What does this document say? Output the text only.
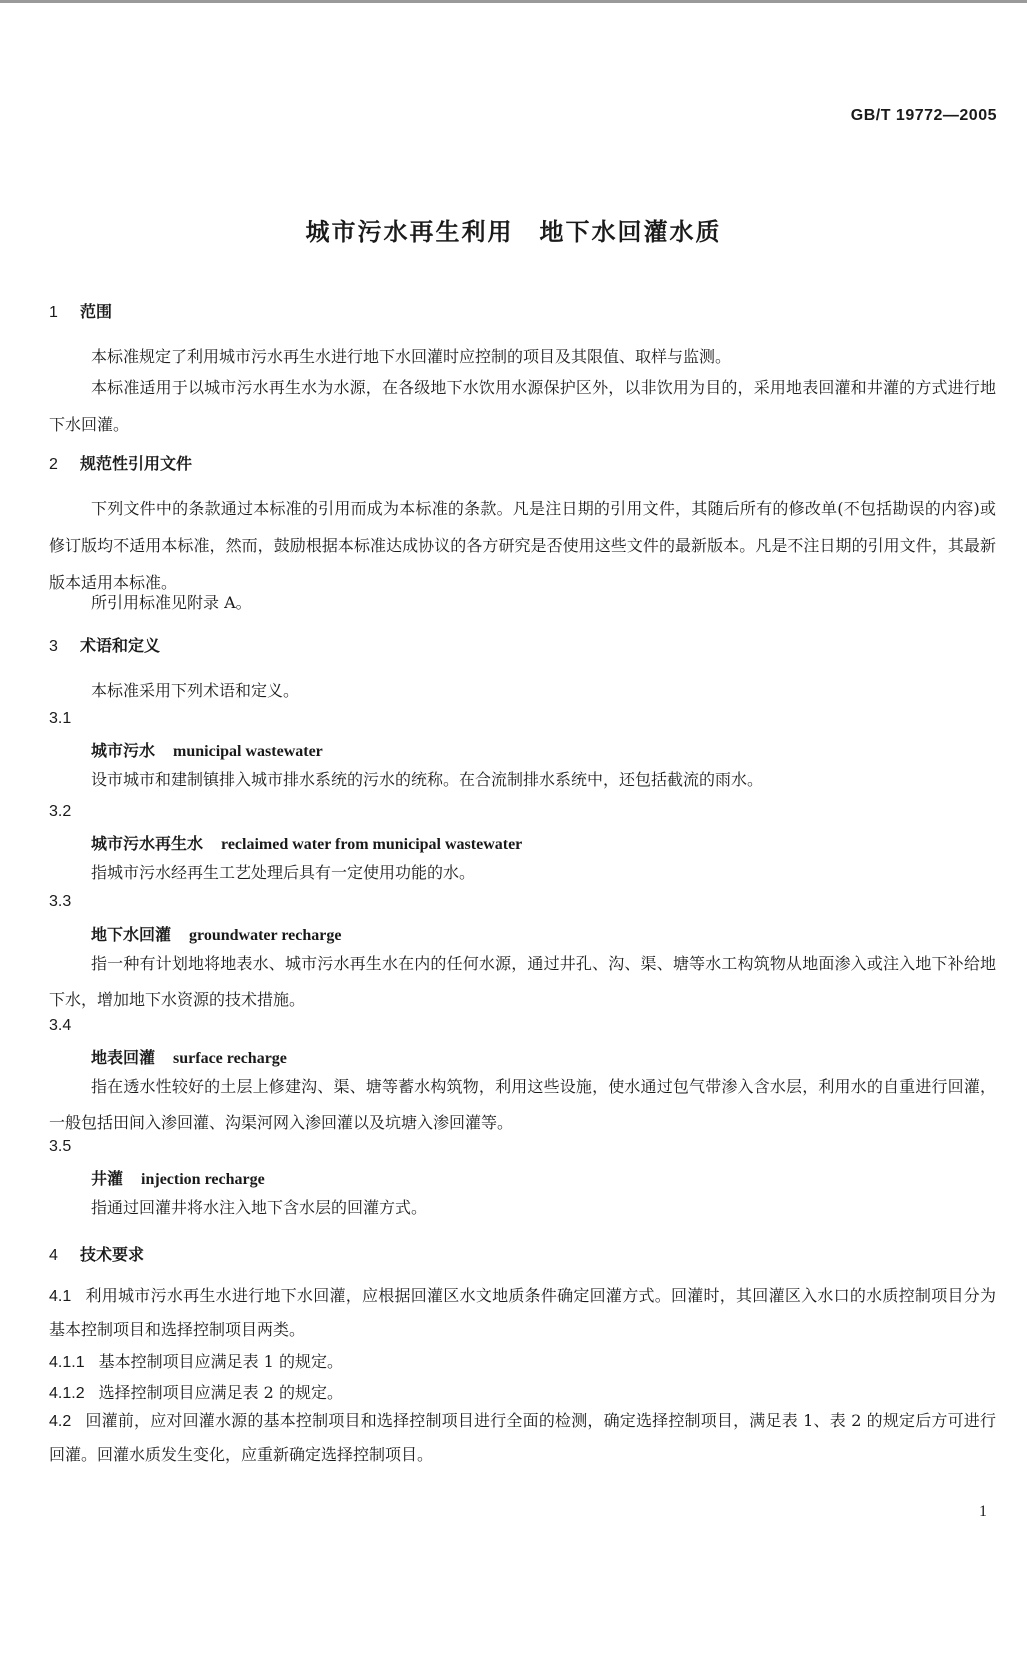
GB/T 19772—2005
城市污水再生利用　地下水回灌水质
1 范围
本标准规定了利用城市污水再生水进行地下水回灌时应控制的项目及其限值、取样与监测。
本标准适用于以城市污水再生水为水源，在各级地下水饮用水源保护区外，以非饮用为目的，采用地表回灌和井灌的方式进行地下水回灌。
2 规范性引用文件
下列文件中的条款通过本标准的引用而成为本标准的条款。凡是注日期的引用文件，其随后所有的修改单(不包括勘误的内容)或修订版均不适用本标准，然而，鼓励根据本标准达成协议的各方研究是否使用这些文件的最新版本。凡是不注日期的引用文件，其最新版本适用本标准。
所引用标准见附录 A。
3 术语和定义
本标准采用下列术语和定义。
3.1
城市污水 municipal wastewater
设市城市和建制镇排入城市排水系统的污水的统称。在合流制排水系统中，还包括截流的雨水。
3.2
城市污水再生水 reclaimed water from municipal wastewater
指城市污水经再生工艺处理后具有一定使用功能的水。
3.3
地下水回灌 groundwater recharge
指一种有计划地将地表水、城市污水再生水在内的任何水源，通过井孔、沟、渠、塘等水工构筑物从地面渗入或注入地下补给地下水，增加地下水资源的技术措施。
3.4
地表回灌 surface recharge
指在透水性较好的土层上修建沟、渠、塘等蓄水构筑物，利用这些设施，使水通过包气带渗入含水层，利用水的自重进行回灌，一般包括田间入渗回灌、沟渠河网入渗回灌以及坑塘入渗回灌等。
3.5
井灌 injection recharge
指通过回灌井将水注入地下含水层的回灌方式。
4 技术要求
4.1 利用城市污水再生水进行地下水回灌，应根据回灌区水文地质条件确定回灌方式。回灌时，其回灌区入水口的水质控制项目分为基本控制项目和选择控制项目两类。
4.1.1 基本控制项目应满足表 1 的规定。
4.1.2 选择控制项目应满足表 2 的规定。
4.2 回灌前，应对回灌水源的基本控制项目和选择控制项目进行全面的检测，确定选择控制项目，满足表 1、表 2 的规定后方可进行回灌。回灌水质发生变化，应重新确定选择控制项目。
1
